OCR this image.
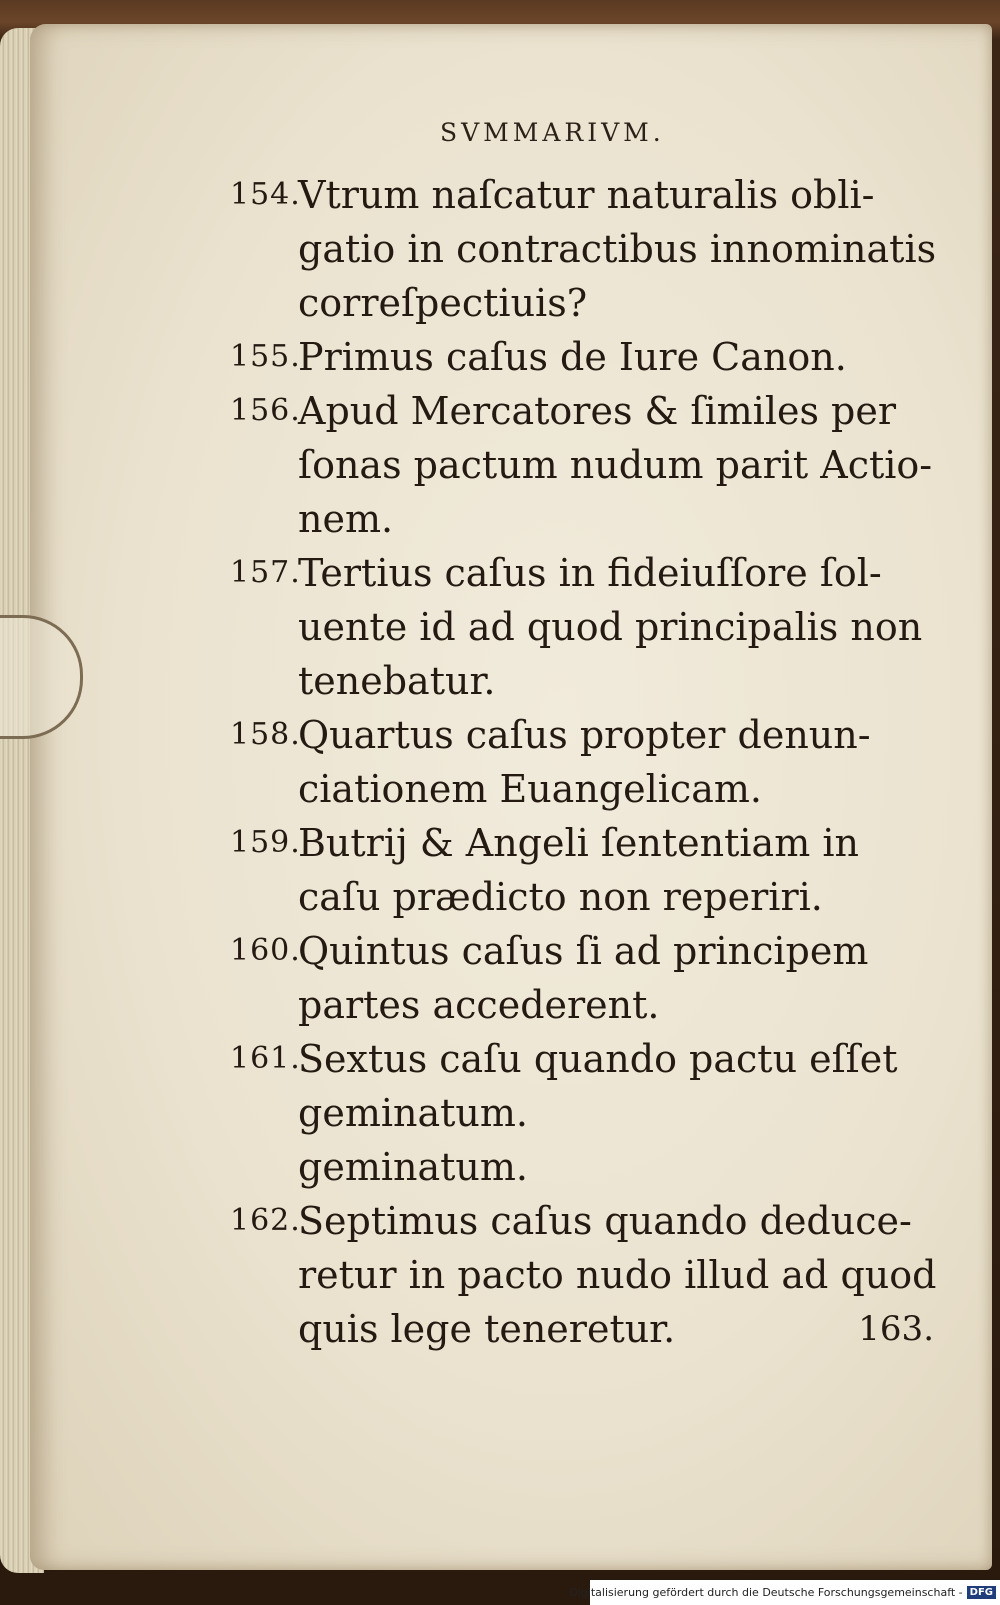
SVMMARIVM.
154.
Vtrum naſcatur naturalis obli-
gatio in contractibus innominatis
correſpectiuis?
155.
Primus caſus de Iure Canon.
156.
Apud Mercatores & ſimiles per
ſonas pactum nudum parit Actio-
nem.
157.
Tertius caſus in fideiuſſore ſol-
uente id ad quod principalis non
tenebatur.
158.
Quartus caſus propter denun-
ciationem Euangelicam.
159.
Butrij & Angeli ſententiam in
caſu prædicto non reperiri.
160.
Quintus caſus ſi ad principem
partes accederent.
161.
Sextus caſu quando pactu eſſet
geminatum.
geminatum.
162.
Septimus caſus quando deduce-
retur in pacto nudo illud ad quod
quis lege teneretur.	163.
Digitalisierung gefördert durch die Deutsche Forschungsgemeinschaft - DFG
